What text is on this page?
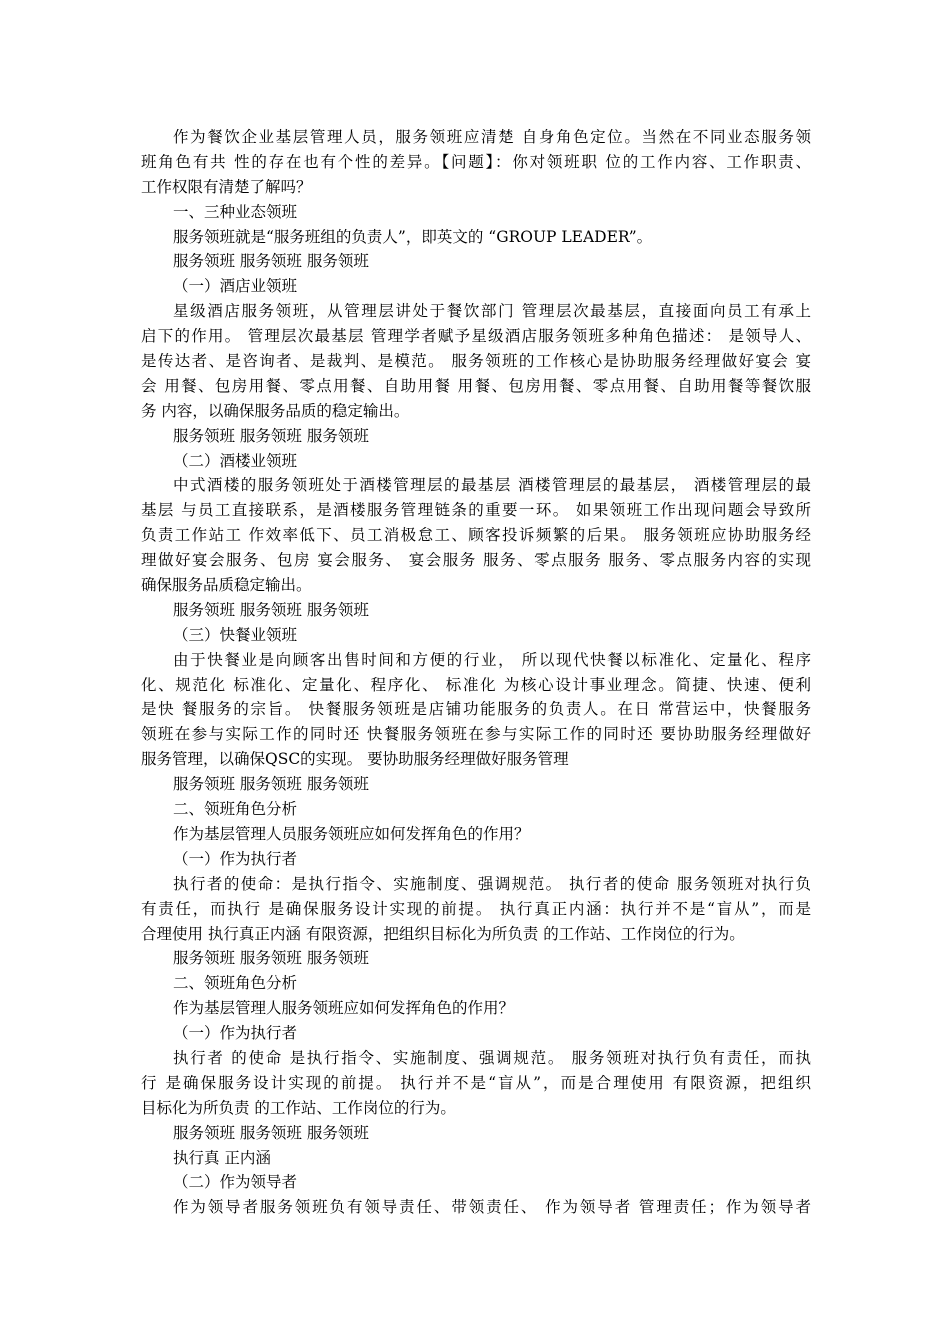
作为餐饮企业基层管理人员，服务领班应清楚 自身角色定位。当然在不同业态服务领
班角色有共 性的存在也有个性的差异。【问题】：你对领班职 位的工作内容、工作职责、
工作权限有清楚了解吗？
一、三种业态领班
服务领班就是“服务班组的负责人”，即英文的 “GROUP LEADER”。
服务领班 服务领班 服务领班
（一）酒店业领班
星级酒店服务领班，从管理层讲处于餐饮部门 管理层次最基层，直接面向员工有承上
启下的作用。 管理层次最基层 管理学者赋予星级酒店服务领班多种角色描述： 是领导人、
是传达者、是咨询者、是裁判、是模范。 服务领班的工作核心是协助服务经理做好宴会 宴
会 用餐、包房用餐、零点用餐、自助用餐 用餐、包房用餐、零点用餐、自助用餐等餐饮服
务 内容，以确保服务品质的稳定输出。
服务领班 服务领班 服务领班
（二）酒楼业领班
中式酒楼的服务领班处于酒楼管理层的最基层 酒楼管理层的最基层， 酒楼管理层的最
基层 与员工直接联系，是酒楼服务管理链条的重要一环。 如果领班工作出现问题会导致所
负责工作站工 作效率低下、员工消极怠工、顾客投诉频繁的后果。 服务领班应协助服务经
理做好宴会服务、包房 宴会服务、 宴会服务 服务、零点服务 服务、零点服务内容的实现
确保服务品质稳定输出。
服务领班 服务领班 服务领班
（三）快餐业领班
由于快餐业是向顾客出售时间和方便的行业， 所以现代快餐以标准化、定量化、程序
化、规范化 标准化、定量化、程序化、 标准化 为核心设计事业理念。简捷、快速、便利
是快 餐服务的宗旨。 快餐服务领班是店铺功能服务的负责人。在日 常营运中，快餐服务
领班在参与实际工作的同时还 快餐服务领班在参与实际工作的同时还 要协助服务经理做好
服务管理，以确保QSC的实现。 要协助服务经理做好服务管理
服务领班 服务领班 服务领班
二、领班角色分析
作为基层管理人员服务领班应如何发挥角色的作用？
（一）作为执行者
执行者的使命：是执行指令、实施制度、强调规范。 执行者的使命 服务领班对执行负
有责任，而执行 是确保服务设计实现的前提。 执行真正内涵：执行并不是“盲从”，而是
合理使用 执行真正内涵 有限资源，把组织目标化为所负责 的工作站、工作岗位的行为。
服务领班 服务领班 服务领班
二、领班角色分析
作为基层管理人服务领班应如何发挥角色的作用？
（一）作为执行者
执行者 的使命 是执行指令、实施制度、强调规范。 服务领班对执行负有责任，而执
行 是确保服务设计实现的前提。 执行并不是“盲从”，而是合理使用 有限资源，把组织
目标化为所负责 的工作站、工作岗位的行为。
服务领班 服务领班 服务领班
执行真 正内涵
（二）作为领导者
作为领导者服务领班负有领导责任、带领责任、 作为领导者 管理责任；作为领导者
